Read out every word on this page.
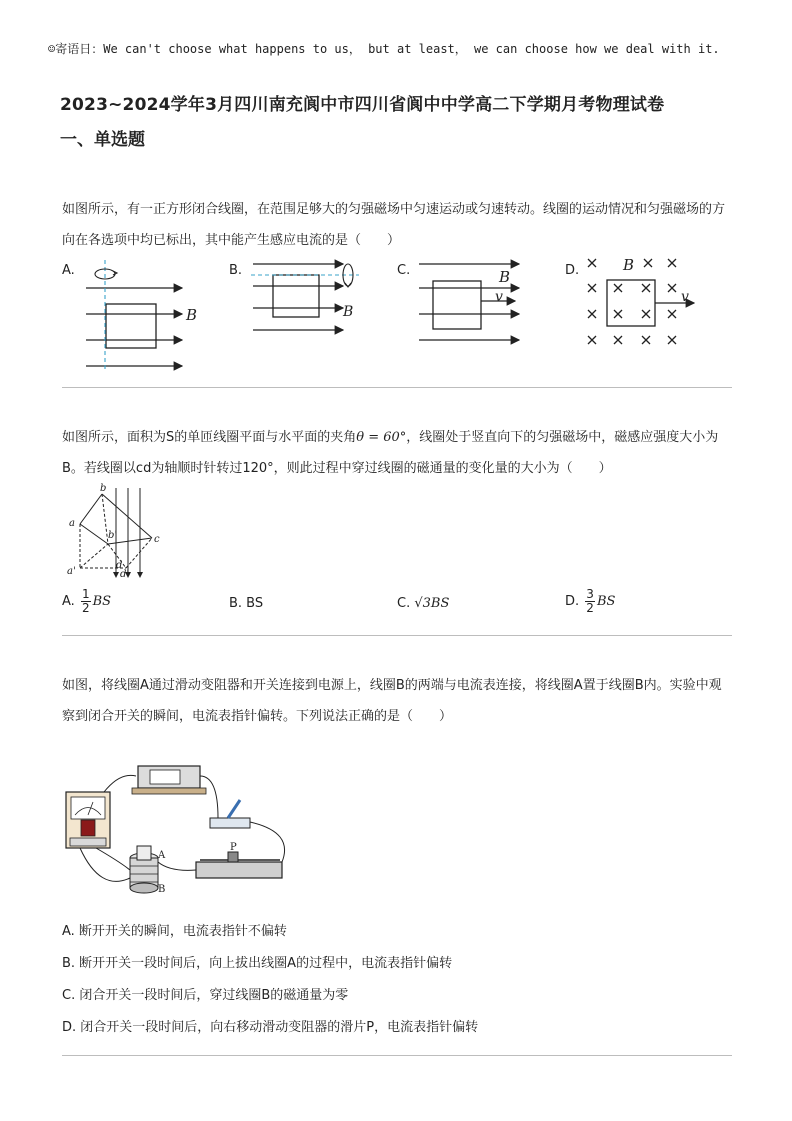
☺寄语日：We can't choose what happens to us， but at least， we can choose how we deal with it.
2023~2024学年3月四川南充阆中市四川省阆中中学高二下学期月考物理试卷
一、单选题
如图所示，有一正方形闭合线圈，在范围足够大的匀强磁场中匀速运动或匀速转动。线圈的运动情况和匀强磁场的方向在各选项中均已标出，其中能产生感应电流的是（　　）
A.	B.	C.	D.
B	B
B
v
B
v
如图所示，面积为S的单匝线圈平面与水平面的夹角θ = 60°，线圈处于竖直向下的匀强磁场中，磁感应强度大小为B。若线圈以cd为轴顺时针转过120°，则此过程中穿过线圈的磁通量的变化量的大小为（　　）
b
a
c
b'
a'
d
d'
A. $\frac{1}{2}$ BS	B. BS	C. √3BS	D. $\frac{3}{2}$ BS
如图，将线圈A通过滑动变阻器和开关连接到电源上，线圈B的两端与电流表连接，将线圈A置于线圈B内。实验中观察到闭合开关的瞬间，电流表指针偏转。下列说法正确的是（　　）
A
B
P
A. 断开开关的瞬间，电流表指针不偏转
B. 断开开关一段时间后，向上拔出线圈A的过程中，电流表指针偏转
C. 闭合开关一段时间后，穿过线圈B的磁通量为零
D. 闭合开关一段时间后，向右移动滑动变阻器的滑片P，电流表指针偏转
